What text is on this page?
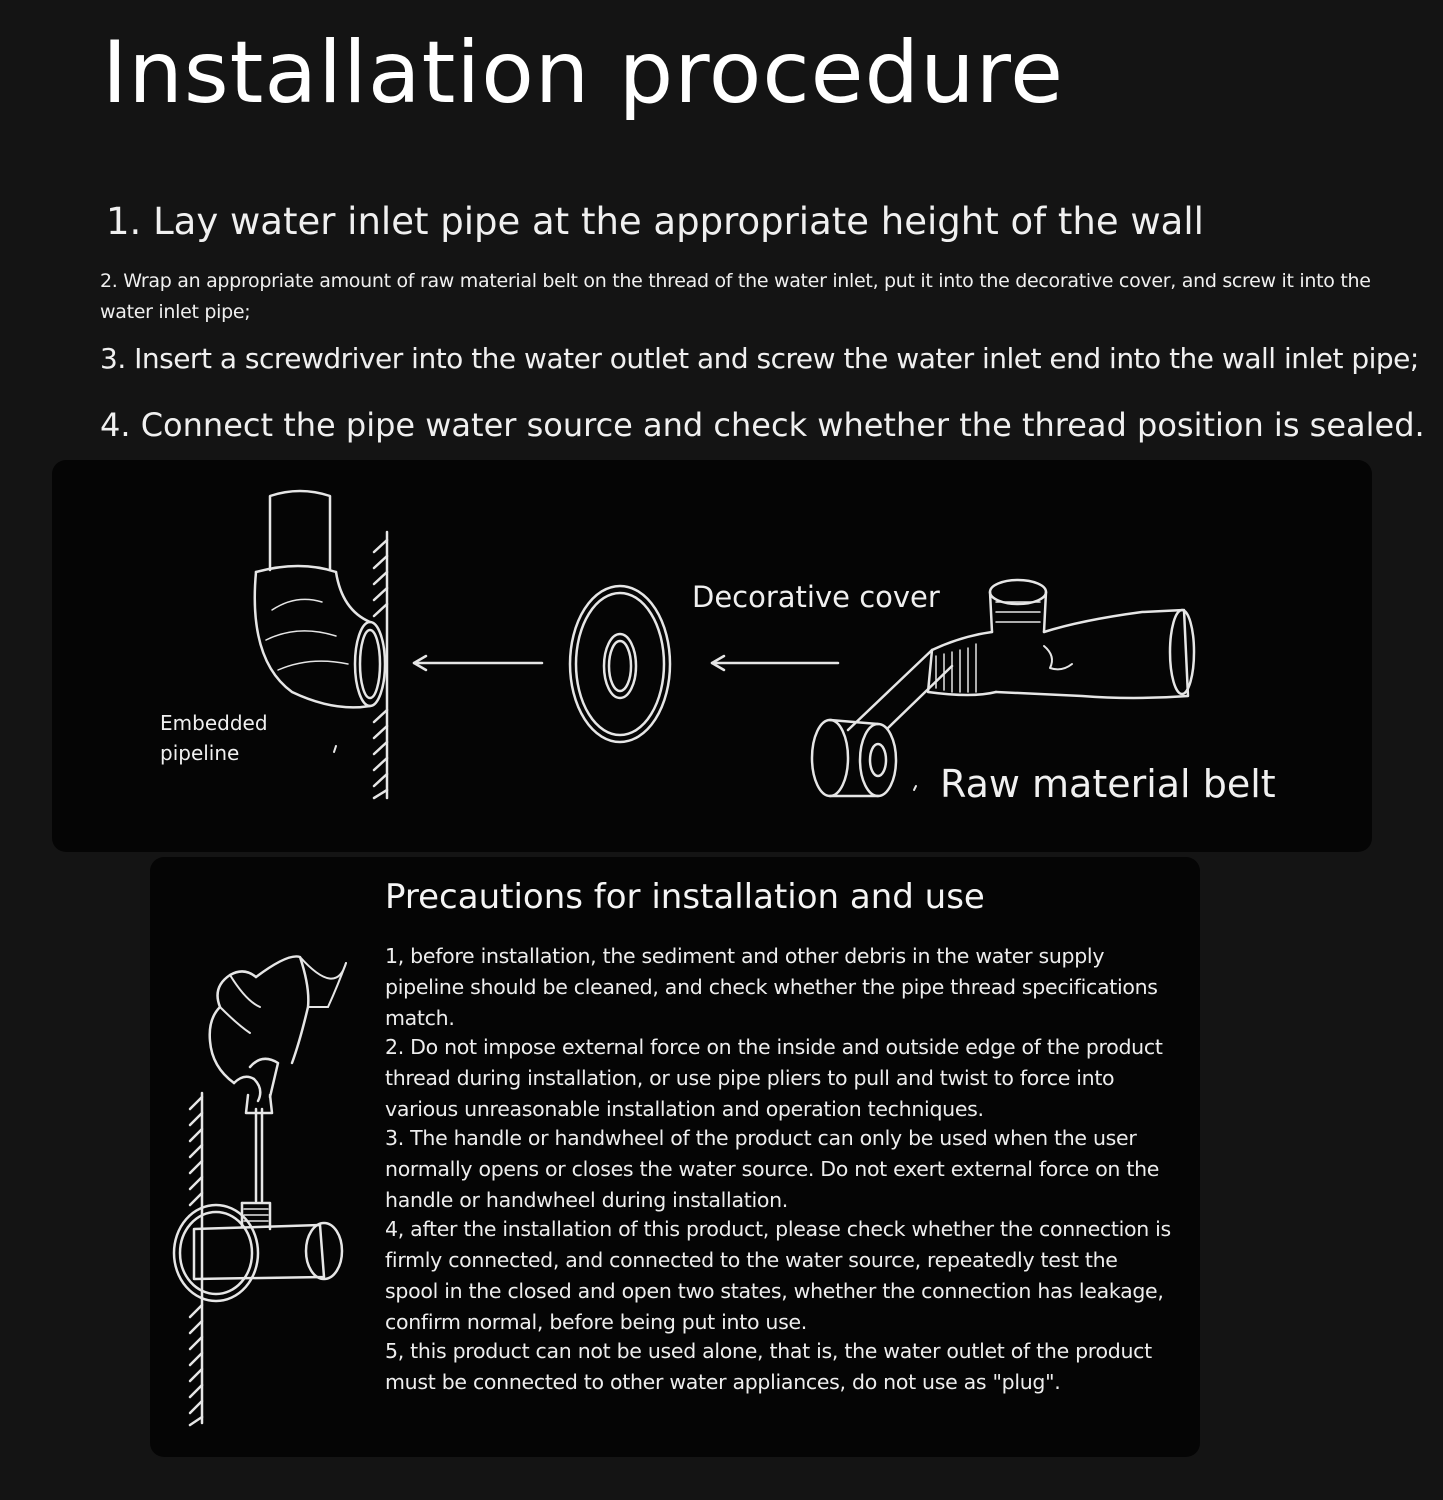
Installation procedure
1. Lay water inlet pipe at the appropriate height of the wall
2. Wrap an appropriate amount of raw material belt on the thread of the water inlet, put it into the decorative cover, and screw it into the water inlet pipe;
3. Insert a screwdriver into the water outlet and screw the water inlet end into the wall inlet pipe;
4. Connect the pipe water source and check whether the thread position is sealed.
Embedded pipeline
Decorative cover
Raw material belt
Precautions for installation and use

1, before installation, the sediment and other debris in the water supply pipeline should be cleaned, and check whether the pipe thread specifications match.

2. Do not impose external force on the inside and outside edge of the product thread during installation, or use pipe pliers to pull and twist to force into various unreasonable installation and operation techniques.

3. The handle or handwheel of the product can only be used when the user normally opens or closes the water source. Do not exert external force on the handle or handwheel during installation.

4, after the installation of this product, please check whether the connection is firmly connected, and connected to the water source, repeatedly test the spool in the closed and open two states, whether the connection has leakage, confirm normal, before being put into use.

5, this product can not be used alone, that is, the water outlet of the product must be connected to other water appliances, do not use as "plug".
